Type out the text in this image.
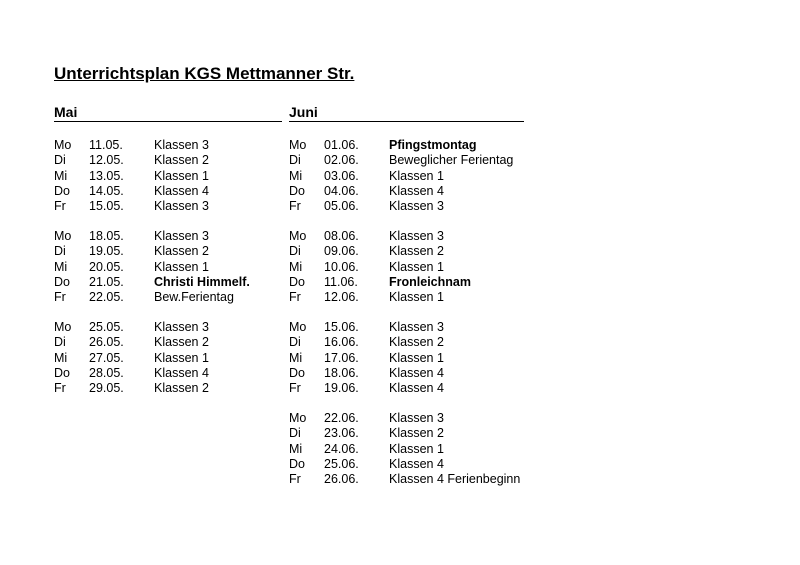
Unterrichtsplan KGS Mettmanner Str.
Mai	Juni
Mo 11.05. Klassen 3
Di 12.05. Klassen 2
Mi 13.05. Klassen 1
Do 14.05. Klassen 4
Fr 15.05. Klassen 3
Mo 18.05. Klassen 3
Di 19.05. Klassen 2
Mi 20.05. Klassen 1
Do 21.05. Christi Himmelf.
Fr 22.05. Bew.Ferientag
Mo 25.05. Klassen 3
Di 26.05. Klassen 2
Mi 27.05. Klassen 1
Do 28.05. Klassen 4
Fr 29.05. Klassen 2
Mo 01.06. Pfingstmontag
Di 02.06. Beweglicher Ferientag
Mi 03.06. Klassen 1
Do 04.06. Klassen 4
Fr 05.06. Klassen 3
Mo 08.06. Klassen 3
Di 09.06. Klassen 2
Mi 10.06. Klassen 1
Do 11.06. Fronleichnam
Fr 12.06. Klassen 1
Mo 15.06. Klassen 3
Di 16.06. Klassen 2
Mi 17.06. Klassen 1
Do 18.06. Klassen 4
Fr 19.06. Klassen 4
Mo 22.06. Klassen 3
Di 23.06. Klassen 2
Mi 24.06. Klassen 1
Do 25.06. Klassen 4
Fr 26.06. Klassen 4 Ferienbeginn
